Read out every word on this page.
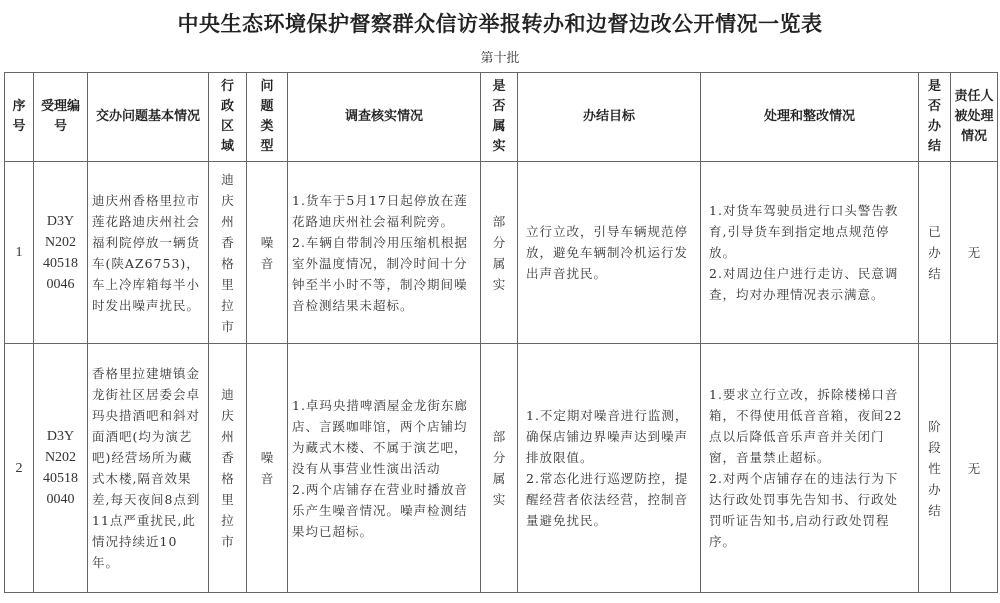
中央生态环境保护督察群众信访举报转办和边督边改公开情况一览表
第十批
序号	受理编号	交办问题基本情况	行政区域	问题类型	调查核实情况	是否属实	办结目标	处理和整改情况	是否办结	责任人被处理情况
1	D3Y
N202
40518
0046	迪庆州香格里拉市莲花路迪庆州社会福利院停放一辆货车(陕AZ6753)，车上冷库箱每半小时发出噪声扰民。	迪庆州香格里拉市	噪音	1.货车于5月17日起停放在莲花路迪庆州社会福利院旁。
2.车辆自带制冷用压缩机根据室外温度情况，制冷时间十分钟至半小时不等，制冷期间噪音检测结果未超标。	部分属实	立行立改，引导车辆规范停放，避免车辆制冷机运行发出声音扰民。	1.对货车驾驶员进行口头警告教育,引导货车到指定地点规范停放。
2.对周边住户进行走访、民意调查，均对办理情况表示满意。	已办结	无
2	D3Y
N202
40518
0040	香格里拉建塘镇金龙街社区居委会卓玛央措酒吧和斜对面酒吧(均为演艺吧)经营场所为藏式木楼,隔音效果差,每天夜间8点到11点严重扰民,此情况持续近10年。	迪庆州香格里拉市	噪音	1.卓玛央措啤酒屋金龙街东廊店、言蹊咖啡馆，两个店铺均为藏式木楼、不属于演艺吧，没有从事营业性演出活动
2.两个店铺存在营业时播放音乐产生噪音情况。噪声检测结果均已超标。	部分属实	1.不定期对噪音进行监测，确保店铺边界噪声达到噪声排放限值。
2.常态化进行巡逻防控，提醒经营者依法经营，控制音量避免扰民。	1.要求立行立改，拆除楼梯口音箱，不得使用低音音箱，夜间22点以后降低音乐声音并关闭门窗，音量禁止超标。
2.对两个店铺存在的违法行为下达行政处罚事先告知书、行政处罚听证告知书,启动行政处罚程序。	阶段性办结	无
